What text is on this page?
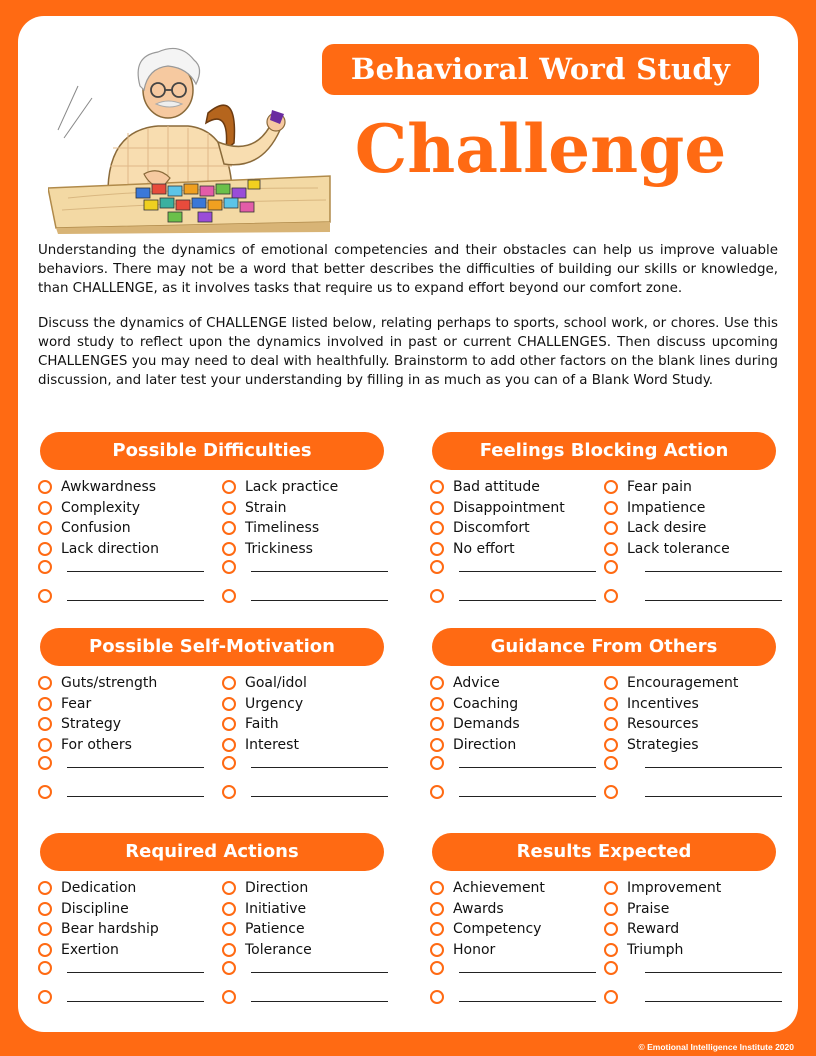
Behavioral Word Study
Challenge

Understanding the dynamics of emotional competencies and their obstacles can help us improve valuable behaviors. There may not be a word that better describes the difficulties of building our skills or knowledge, than CHALLENGE, as it involves tasks that require us to expand effort beyond our comfort zone.

Discuss the dynamics of CHALLENGE listed below, relating perhaps to sports, school work, or chores. Use this word study to reflect upon the dynamics involved in past or current CHALLENGES. Then discuss upcoming CHALLENGES you may need to deal with healthfully. Brainstorm to add other factors on the blank lines during discussion, and later test your understanding by filling in as much as you can of a Blank Word Study.

Possible Difficulties
Awkwardness
Complexity
Confusion
Lack direction
Lack practice
Strain
Timeliness
Trickiness
Feelings Blocking Action
Bad attitude
Disappointment
Discomfort
No effort
Fear pain
Impatience
Lack desire
Lack tolerance
Possible Self-Motivation
Guts/strength
Fear
Strategy
For others
Goal/idol
Urgency
Faith
Interest
Guidance From Others
Advice
Coaching
Demands
Direction
Encouragement
Incentives
Resources
Strategies
Required Actions
Dedication
Discipline
Bear hardship
Exertion
Direction
Initiative
Patience
Tolerance
Results Expected
Achievement
Awards
Competency
Honor
Improvement
Praise
Reward
Triumph
© Emotional Intelligence Institute 2020
